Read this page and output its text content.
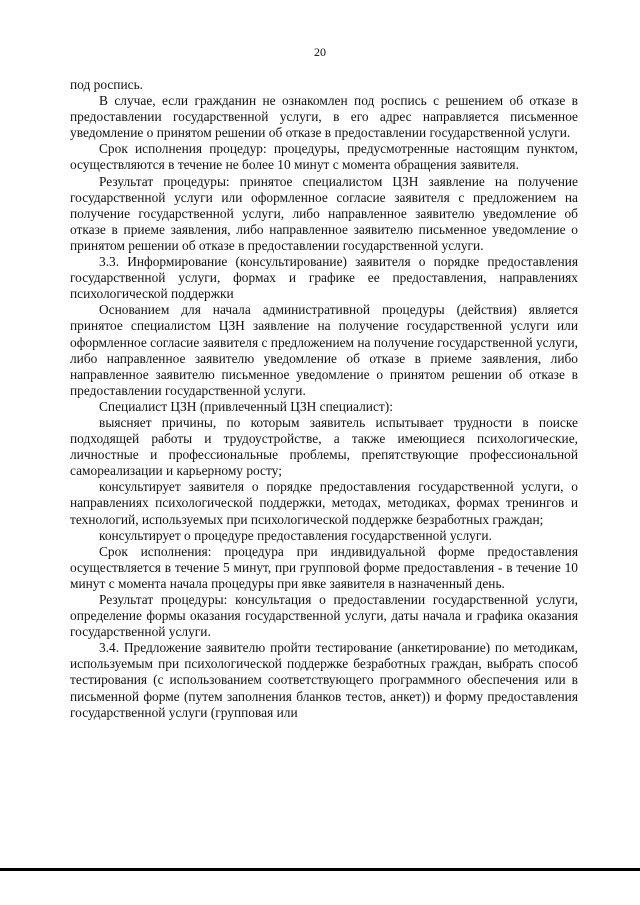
20

под роспись.

В случае, если гражданин не ознакомлен под роспись с решением об отказе в предоставлении государственной услуги, в его адрес направляется письменное уведомление о принятом решении об отказе в предоставлении государственной услуги.

Срок исполнения процедур: процедуры, предусмотренные настоящим пунктом, осуществляются в течение не более 10 минут с момента обращения заявителя.

Результат процедуры: принятое специалистом ЦЗН заявление на получение государственной услуги или оформленное согласие заявителя с предложением на получение государственной услуги, либо направленное заявителю уведомление об отказе в приеме заявления, либо направленное заявителю письменное уведомление о принятом решении об отказе в предоставлении государственной услуги.

3.3. Информирование (консультирование) заявителя о порядке предоставления государственной услуги, формах и графике ее предоставления, направлениях психологической поддержки

Основанием для начала административной процедуры (действия) является принятое специалистом ЦЗН заявление на получение государственной услуги или оформленное согласие заявителя с предложением на получение государственной услуги, либо направленное заявителю уведомление об отказе в приеме заявления, либо направленное заявителю письменное уведомление о принятом решении об отказе в предоставлении государственной услуги.

Специалист ЦЗН (привлеченный ЦЗН специалист):

выясняет причины, по которым заявитель испытывает трудности в поиске подходящей работы и трудоустройстве, а также имеющиеся психологические, личностные и профессиональные проблемы, препятствующие профессиональной самореализации и карьерному росту;

консультирует заявителя о порядке предоставления государственной услуги, о направлениях психологической поддержки, методах, методиках, формах тренингов и технологий, используемых при психологической поддержке безработных граждан;

консультирует о процедуре предоставления государственной услуги.

Срок исполнения: процедура при индивидуальной форме предоставления осуществляется в течение 5 минут, при групповой форме предоставления - в течение 10 минут с момента начала процедуры при явке заявителя в назначенный день.

Результат процедуры: консультация о предоставлении государственной услуги, определение формы оказания государственной услуги, даты начала и графика оказания государственной услуги.

3.4. Предложение заявителю пройти тестирование (анкетирование) по методикам, используемым при психологической поддержке безработных граждан, выбрать способ тестирования (с использованием соответствующего программного обеспечения или в письменной форме (путем заполнения бланков тестов, анкет)) и форму предоставления государственной услуги (групповая или
